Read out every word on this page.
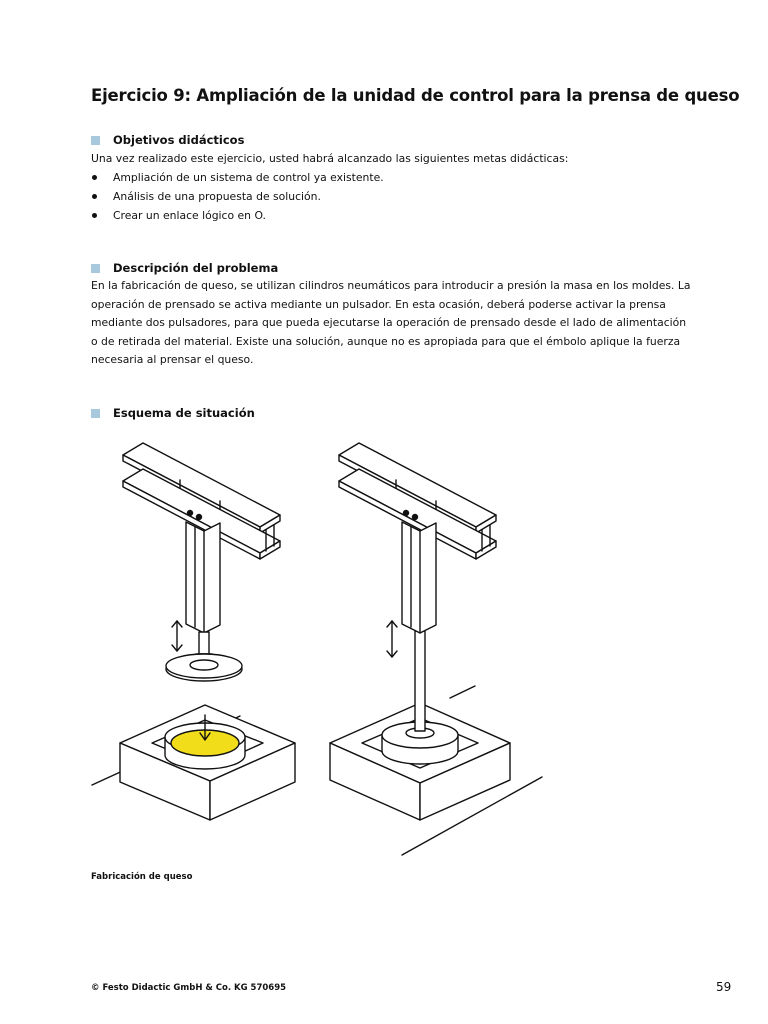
Ejercicio 9: Ampliación de la unidad de control para la prensa de queso
Objetivos didácticos
Una vez realizado este ejercicio, usted habrá alcanzado las siguientes metas didácticas:
Ampliación de un sistema de control ya existente.
Análisis de una propuesta de solución.
Crear un enlace lógico en O.
Descripción del problema
En la fabricación de queso, se utilizan cilindros neumáticos para introducir a presión la masa en los moldes. La operación de prensado se activa mediante un pulsador. En esta ocasión, deberá poderse activar la prensa mediante dos pulsadores, para que pueda ejecutarse la operación de prensado desde el lado de alimentación o de retirada del material. Existe una solución, aunque no es apropiada para que el émbolo aplique la fuerza necesaria al prensar el queso.
Esquema de situación
Fabricación de queso
© Festo Didactic GmbH & Co. KG 570695	59
